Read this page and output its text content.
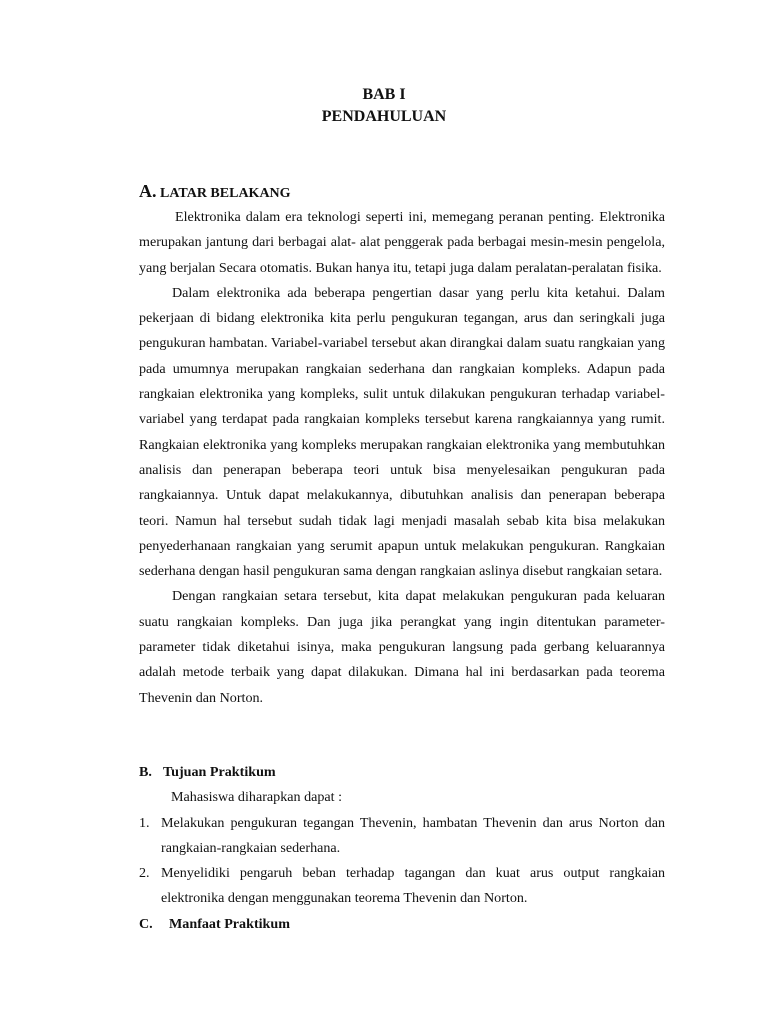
BAB I
PENDAHULUAN
A. LATAR BELAKANG

Elektronika dalam era teknologi seperti ini, memegang peranan penting. Elektronika merupakan jantung dari berbagai alat- alat penggerak pada berbagai mesin-mesin pengelola, yang berjalan Secara otomatis. Bukan hanya itu, tetapi juga dalam peralatan-peralatan fisika.

Dalam elektronika ada beberapa pengertian dasar yang perlu kita ketahui. Dalam pekerjaan di bidang elektronika kita perlu pengukuran tegangan, arus dan seringkali juga pengukuran hambatan. Variabel-variabel tersebut akan dirangkai dalam suatu rangkaian yang pada umumnya merupakan rangkaian sederhana dan rangkaian kompleks. Adapun pada rangkaian elektronika yang kompleks, sulit untuk dilakukan pengukuran terhadap variabel-variabel yang terdapat pada rangkaian kompleks tersebut karena rangkaiannya yang rumit. Rangkaian elektronika yang kompleks merupakan rangkaian elektronika yang membutuhkan analisis dan penerapan beberapa teori untuk bisa menyelesaikan pengukuran pada rangkaiannya. Untuk dapat melakukannya, dibutuhkan analisis dan penerapan beberapa teori. Namun hal tersebut sudah tidak lagi menjadi masalah sebab kita bisa melakukan penyederhanaan rangkaian yang serumit apapun untuk melakukan pengukuran. Rangkaian sederhana dengan hasil pengukuran sama dengan rangkaian aslinya disebut rangkaian setara.

Dengan rangkaian setara tersebut, kita dapat melakukan pengukuran pada keluaran suatu rangkaian kompleks. Dan juga jika perangkat yang ingin ditentukan parameter-parameter tidak diketahui isinya, maka pengukuran langsung pada gerbang keluarannya adalah metode terbaik yang dapat dilakukan. Dimana hal ini berdasarkan pada teorema Thevenin dan Norton.

B. Tujuan Praktikum
Mahasiswa diharapkan dapat :
1. Melakukan pengukuran tegangan Thevenin, hambatan Thevenin dan arus Norton dan rangkaian-rangkaian sederhana.
2. Menyelidiki pengaruh beban terhadap tagangan dan kuat arus output rangkaian elektronika dengan menggunakan teorema Thevenin dan Norton.
C.	Manfaat Praktikum
